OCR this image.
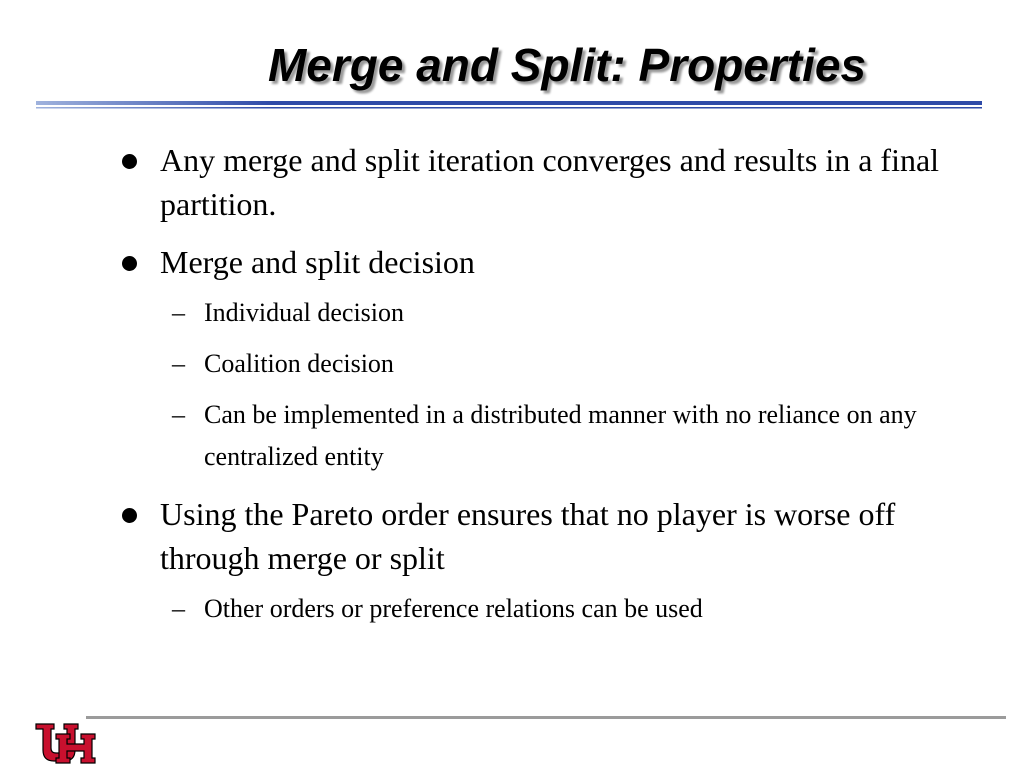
Merge and Split: Properties
Any merge and split iteration converges and results in a final partition.
Merge and split decision
– Individual decision
– Coalition decision
– Can be implemented in a distributed manner with no reliance on any centralized entity
Using the Pareto order ensures that no player is worse off through merge or split
– Other orders or preference relations can be used
